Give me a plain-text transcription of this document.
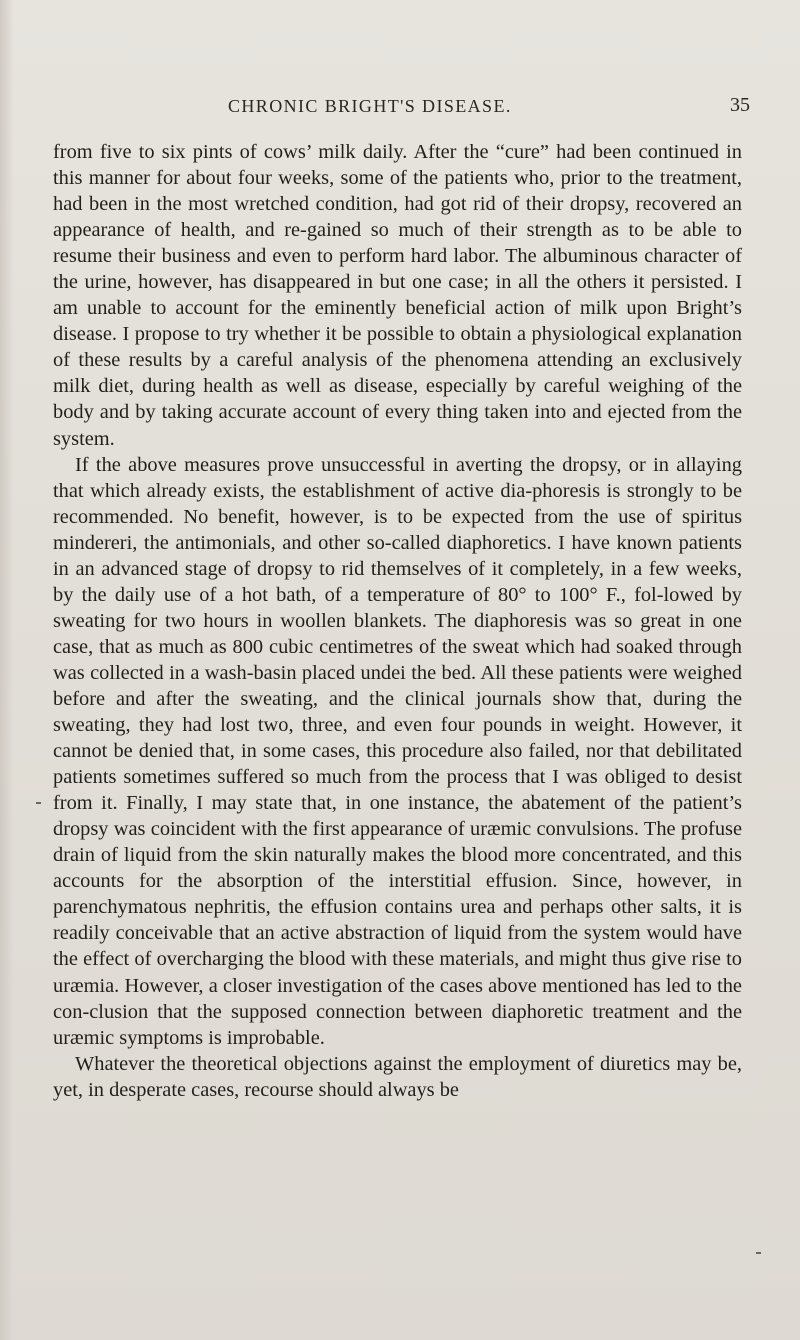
CHRONIC BRIGHT'S DISEASE.	35

from five to six pints of cows’ milk daily. After the “cure” had been continued in this manner for about four weeks, some of the patients who, prior to the treatment, had been in the most wretched condition, had got rid of their dropsy, recovered an appearance of health, and re-gained so much of their strength as to be able to resume their business and even to perform hard labor. The albuminous character of the urine, however, has disappeared in but one case; in all the others it persisted. I am unable to account for the eminently beneficial action of milk upon Bright’s disease. I propose to try whether it be possible to obtain a physiological explanation of these results by a careful analysis of the phenomena attending an exclusively milk diet, during health as well as disease, especially by careful weighing of the body and by taking accurate account of every thing taken into and ejected from the system.

If the above measures prove unsuccessful in averting the dropsy, or in allaying that which already exists, the establishment of active dia-phoresis is strongly to be recommended. No benefit, however, is to be expected from the use of spiritus mindereri, the antimonials, and other so-called diaphoretics. I have known patients in an advanced stage of dropsy to rid themselves of it completely, in a few weeks, by the daily use of a hot bath, of a temperature of 80° to 100° F., fol-lowed by sweating for two hours in woollen blankets. The diaphoresis was so great in one case, that as much as 800 cubic centimetres of the sweat which had soaked through was collected in a wash-basin placed undei the bed. All these patients were weighed before and after the sweating, and the clinical journals show that, during the sweating, they had lost two, three, and even four pounds in weight. However, it cannot be denied that, in some cases, this procedure also failed, nor that debilitated patients sometimes suffered so much from the process that I was obliged to desist from it. Finally, I may state that, in one instance, the abatement of the patient’s dropsy was coincident with the first appearance of uræmic convulsions. The profuse drain of liquid from the skin naturally makes the blood more concentrated, and this accounts for the absorption of the interstitial effusion. Since, however, in parenchymatous nephritis, the effusion contains urea and perhaps other salts, it is readily conceivable that an active abstraction of liquid from the system would have the effect of overcharging the blood with these materials, and might thus give rise to uræmia. However, a closer investigation of the cases above mentioned has led to the con-clusion that the supposed connection between diaphoretic treatment and the uræmic symptoms is improbable.

Whatever the theoretical objections against the employment of diuretics may be, yet, in desperate cases, recourse should always be
